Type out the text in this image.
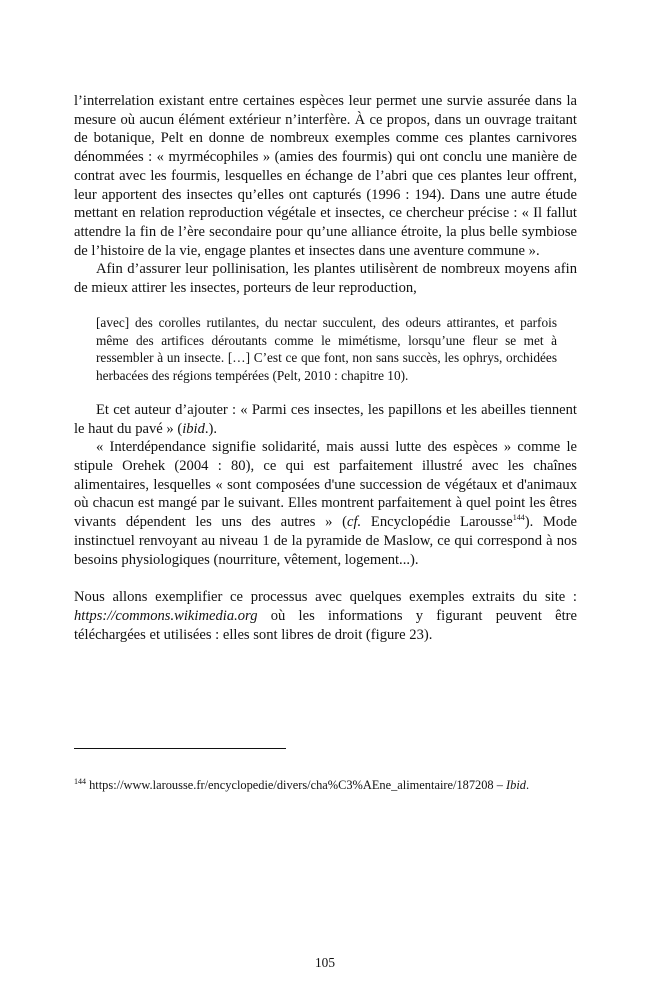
l’interrelation existant entre certaines espèces leur permet une survie assurée dans la mesure où aucun élément extérieur n’interfère. À ce propos, dans un ouvrage traitant de botanique, Pelt en donne de nombreux exemples comme ces plantes carnivores dénommées : « myrmécophiles » (amies des fourmis) qui ont conclu une manière de contrat avec les fourmis, lesquelles en échange de l’abri que ces plantes leur offrent, leur apportent des insectes qu’elles ont capturés (1996 : 194). Dans une autre étude mettant en relation reproduction végétale et insectes, ce chercheur précise : « Il fallut attendre la fin de l’ère secondaire pour qu’une alliance étroite, la plus belle symbiose de l’histoire de la vie, engage plantes et insectes dans une aventure commune ».

Afin d’assurer leur pollinisation, les plantes utilisèrent de nombreux moyens afin de mieux attirer les insectes, porteurs de leur reproduction,

[avec] des corolles rutilantes, du nectar succulent, des odeurs attirantes, et parfois même des artifices déroutants comme le mimétisme, lorsqu’une fleur se met à ressembler à un insecte. […] C’est ce que font, non sans succès, les ophrys, orchidées herbacées des régions tempérées (Pelt, 2010 : chapitre 10).

Et cet auteur d’ajouter : « Parmi ces insectes, les papillons et les abeilles tiennent le haut du pavé » (ibid.).

« Interdépendance signifie solidarité, mais aussi lutte des espèces » comme le stipule Orehek (2004 : 80), ce qui est parfaitement illustré avec les chaînes alimentaires, lesquelles « sont composées d'une succession de végétaux et d'animaux où chacun est mangé par le suivant. Elles montrent parfaitement à quel point les êtres vivants dépendent les uns des autres » (cf. Encyclopédie Larousse$^{144}$). Mode instinctuel renvoyant au niveau 1 de la pyramide de Maslow, ce qui correspond à nos besoins physiologiques (nourriture, vêtement, logement...).

Nous allons exemplifier ce processus avec quelques exemples extraits du site : https://commons.wikimedia.org où les informations y figurant peuvent être téléchargées et utilisées : elles sont libres de droit (figure 23).

$^{144}$ https://www.larousse.fr/encyclopedie/divers/cha%C3%AEne_alimentaire/187208 – Ibid.
105
